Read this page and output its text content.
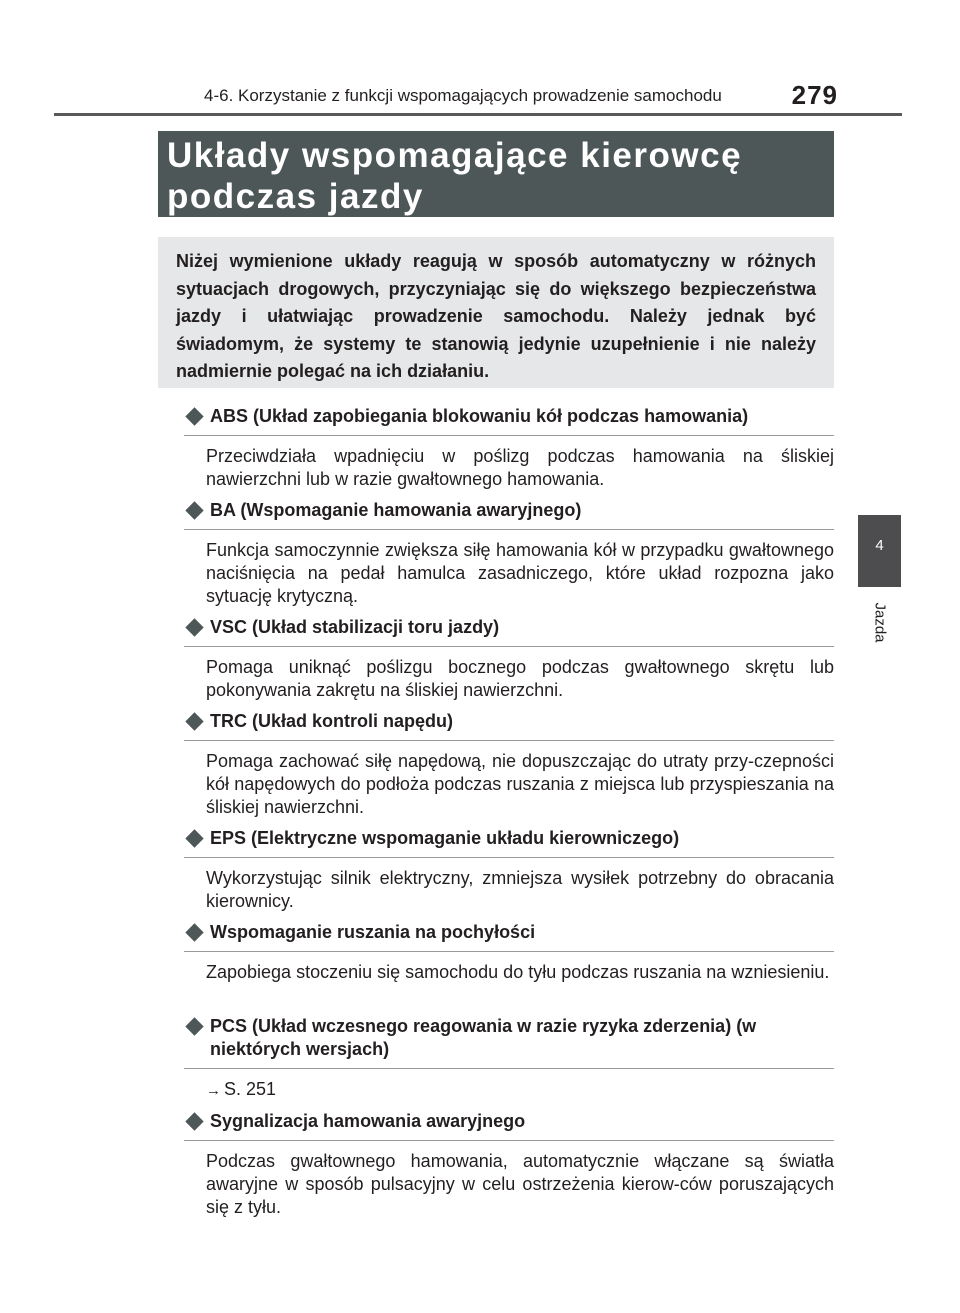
4-6. Korzystanie z funkcji wspomagających prowadzenie samochodu	279
4
Jazda
Układy wspomagające kierowcę podczas jazdy

Niżej wymienione układy reagują w sposób automatyczny w różnych sytuacjach drogowych, przyczyniając się do większego bezpieczeństwa jazdy i ułatwiając prowadzenie samochodu. Należy jednak być świadomym, że systemy te stanowią jedynie uzupełnienie i nie należy nadmiernie polegać na ich działaniu.

ABS (Układ zapobiegania blokowaniu kół podczas hamowania)

Przeciwdziała wpadnięciu w poślizg podczas hamowania na śliskiej nawierzchni lub w razie gwałtownego hamowania.

BA (Wspomaganie hamowania awaryjnego)

Funkcja samoczynnie zwiększa siłę hamowania kół w przypadku gwałtownego naciśnięcia na pedał hamulca zasadniczego, które układ rozpozna jako sytuację krytyczną.

VSC (Układ stabilizacji toru jazdy)

Pomaga uniknąć poślizgu bocznego podczas gwałtownego skrętu lub pokonywania zakrętu na śliskiej nawierzchni.

TRC (Układ kontroli napędu)

Pomaga zachować siłę napędową, nie dopuszczając do utraty przy-czepności kół napędowych do podłoża podczas ruszania z miejsca lub przyspieszania na śliskiej nawierzchni.

EPS (Elektryczne wspomaganie układu kierowniczego)

Wykorzystując silnik elektryczny, zmniejsza wysiłek potrzebny do obracania kierownicy.

Wspomaganie ruszania na pochyłości

Zapobiega stoczeniu się samochodu do tyłu podczas ruszania na wzniesieniu.

PCS (Układ wczesnego reagowania w razie ryzyka zderzenia) (w niektórych wersjach)

→ S. 251

Sygnalizacja hamowania awaryjnego

Podczas gwałtownego hamowania, automatycznie włączane są światła awaryjne w sposób pulsacyjny w celu ostrzeżenia kierow-ców poruszających się z tyłu.
